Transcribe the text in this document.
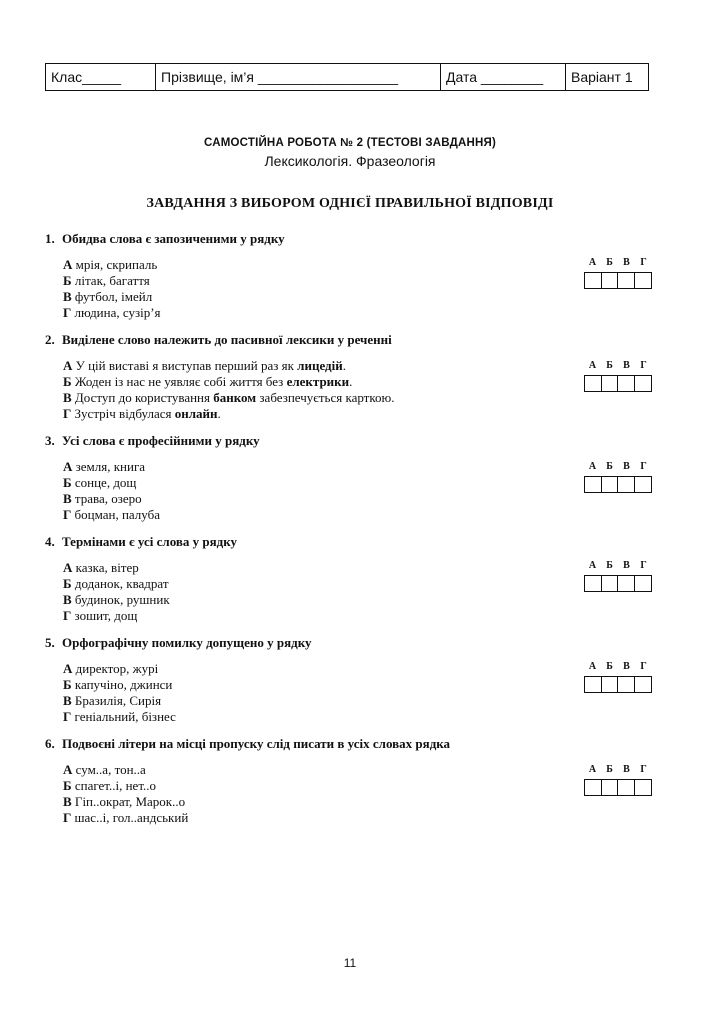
Клас_____	Прізвище, ім’я __________________	Дата ________ Варіант 1
САМОСТІЙНА РОБОТА № 2 (ТЕСТОВІ ЗАВДАННЯ)
Лексикологія. Фразеологія
ЗАВДАННЯ З ВИБОРОМ ОДНІЄЇ ПРАВИЛЬНОЇ ВІДПОВІДІ
1. Обидва слова є запозиченими у рядку
А мрія, скрипаль
Б літак, багаття
В футбол, імейл
Г людина, сузір’я
А	Б	В	Г
2. Виділене слово належить до пасивної лексики у реченні
А У цій виставі я виступав перший раз як лицедій.
Б Жоден із нас не уявляє собі життя без електрики.
В Доступ до користування банком забезпечується карткою.
Г Зустріч відбулася онлайн.
А	Б	В	Г
3. Усі слова є професійними у рядку
А земля, книга
Б сонце, дощ
В трава, озеро
Г боцман, палуба
А	Б	В	Г
4. Термінами є усі слова у рядку
А казка, вітер
Б доданок, квадрат
В будинок, рушник
Г зошит, дощ
А	Б	В	Г
5. Орфографічну помилку допущено у рядку
А директор, журі
Б капучіно, джинси
В Бразилія, Сирія
Г геніальний, бізнес
А	Б	В	Г
6. Подвоєні літери на місці пропуску слід писати в усіх словах рядка
А сум..а, тон..а
Б спагет..і, нет..о
В Гіп..oкрат, Марок..о
Г шас..і, гол..андський
А	Б	В	Г
11
